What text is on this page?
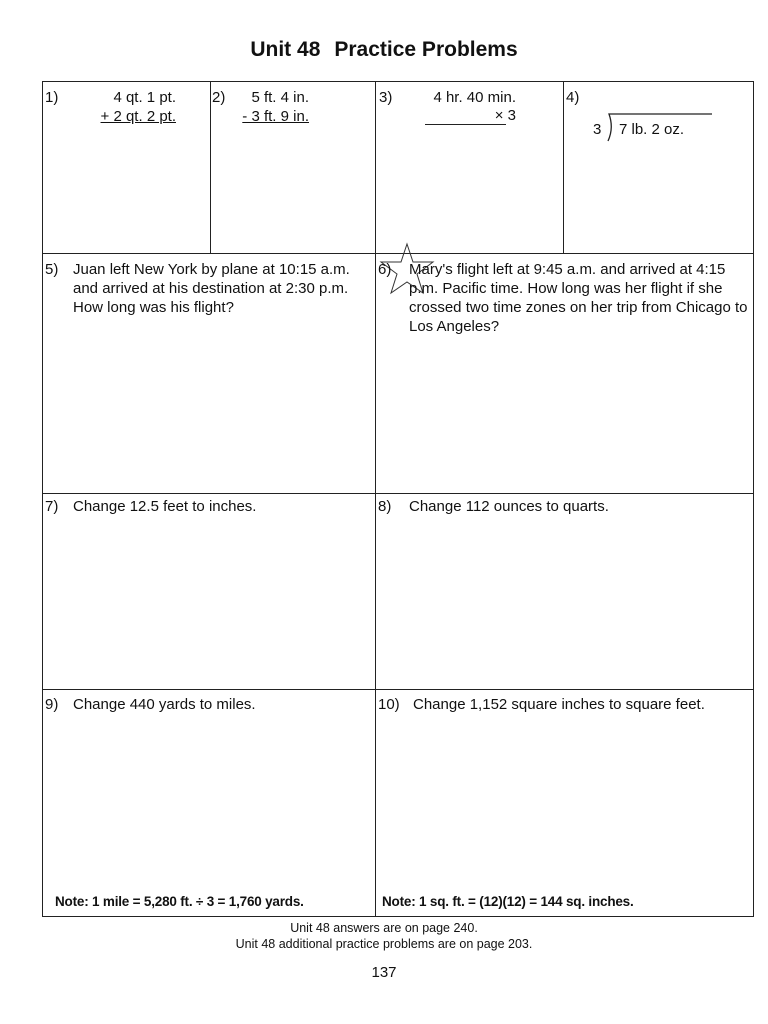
Unit 48 Practice Problems
1)	4 qt. 1 pt.
+ 2 qt. 2 pt.
2) 5 ft. 4 in.
- 3 ft. 9 in.
3)	4 hr. 40 min.
× 3
4)
3 7 lb. 2 oz.
5) Juan left New York by plane at 10:15 a.m. and arrived at his destination at 2:30 p.m. How long was his flight?
6) Mary's flight left at 9:45 a.m. and arrived at 4:15 p.m. Pacific time. How long was her flight if she crossed two time zones on her trip from Chicago to Los Angeles?
7) Change 12.5 feet to inches.	8) Change 112 ounces to quarts.
9) Change 440 yards to miles.
Note: 1 mile = 5,280 ft. ÷ 3 = 1,760 yards.
10) Change 1,152 square inches to square feet.
Note: 1 sq. ft. = (12)(12) = 144 sq. inches.
Unit 48 answers are on page 240.
Unit 48 additional practice problems are on page 203.
137
